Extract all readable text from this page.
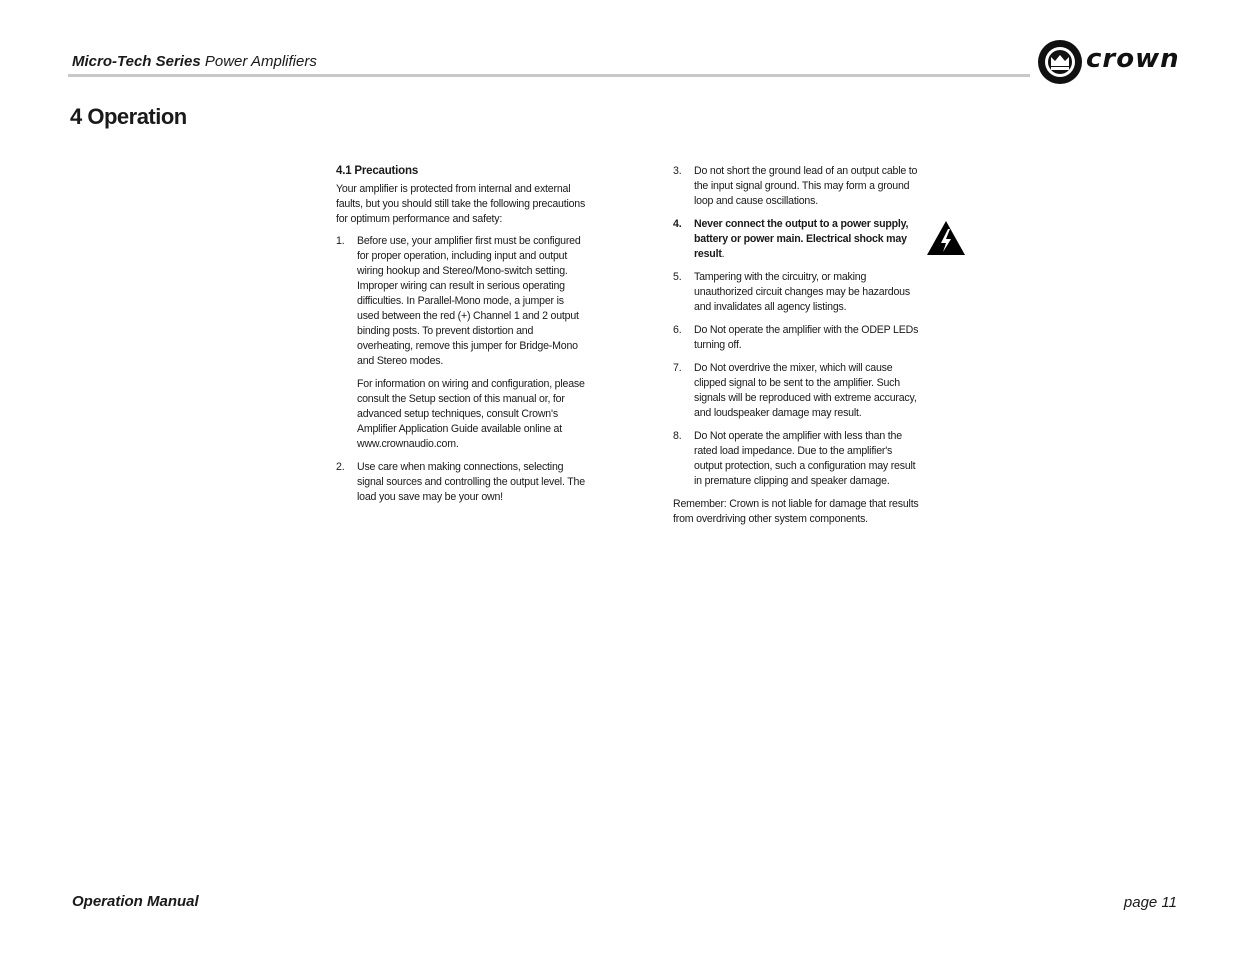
Micro-Tech Series Power Amplifiers	crown
4 Operation
4.1 Precautions

Your amplifier is protected from internal and external faults, but you should still take the following precautions for optimum performance and safety:

1.	Before use, your amplifier first must be configured for proper operation, including input and output wiring hookup and Stereo/Mono-switch setting. Improper wiring can result in serious operating difficulties. In Parallel-Mono mode, a jumper is used between the red (+) Channel 1 and 2 output binding posts. To prevent distortion and overheating, remove this jumper for Bridge-Mono and Stereo modes.
For information on wiring and configuration, please consult the Setup section of this manual or, for advanced setup techniques, consult Crown's Amplifier Application Guide available online at www.crownaudio.com.
2.	Use care when making connections, selecting signal sources and controlling the output level. The load you save may be your own!
3.	Do not short the ground lead of an output cable to the input signal ground. This may form a ground loop and cause oscillations.
4.	Never connect the output to a power supply, battery or power main. Electrical shock may result.
5.	Tampering with the circuitry, or making unauthorized circuit changes may be hazardous and invalidates all agency listings.
6.	Do Not operate the amplifier with the ODEP LEDs turning off.
7.	Do Not overdrive the mixer, which will cause clipped signal to be sent to the amplifier. Such signals will be reproduced with extreme accuracy, and loudspeaker damage may result.
8.	Do Not operate the amplifier with less than the rated load impedance. Due to the amplifier's output protection, such a configuration may result in premature clipping and speaker damage.

Remember: Crown is not liable for damage that results from overdriving other system components.

Operation Manual	page 11
